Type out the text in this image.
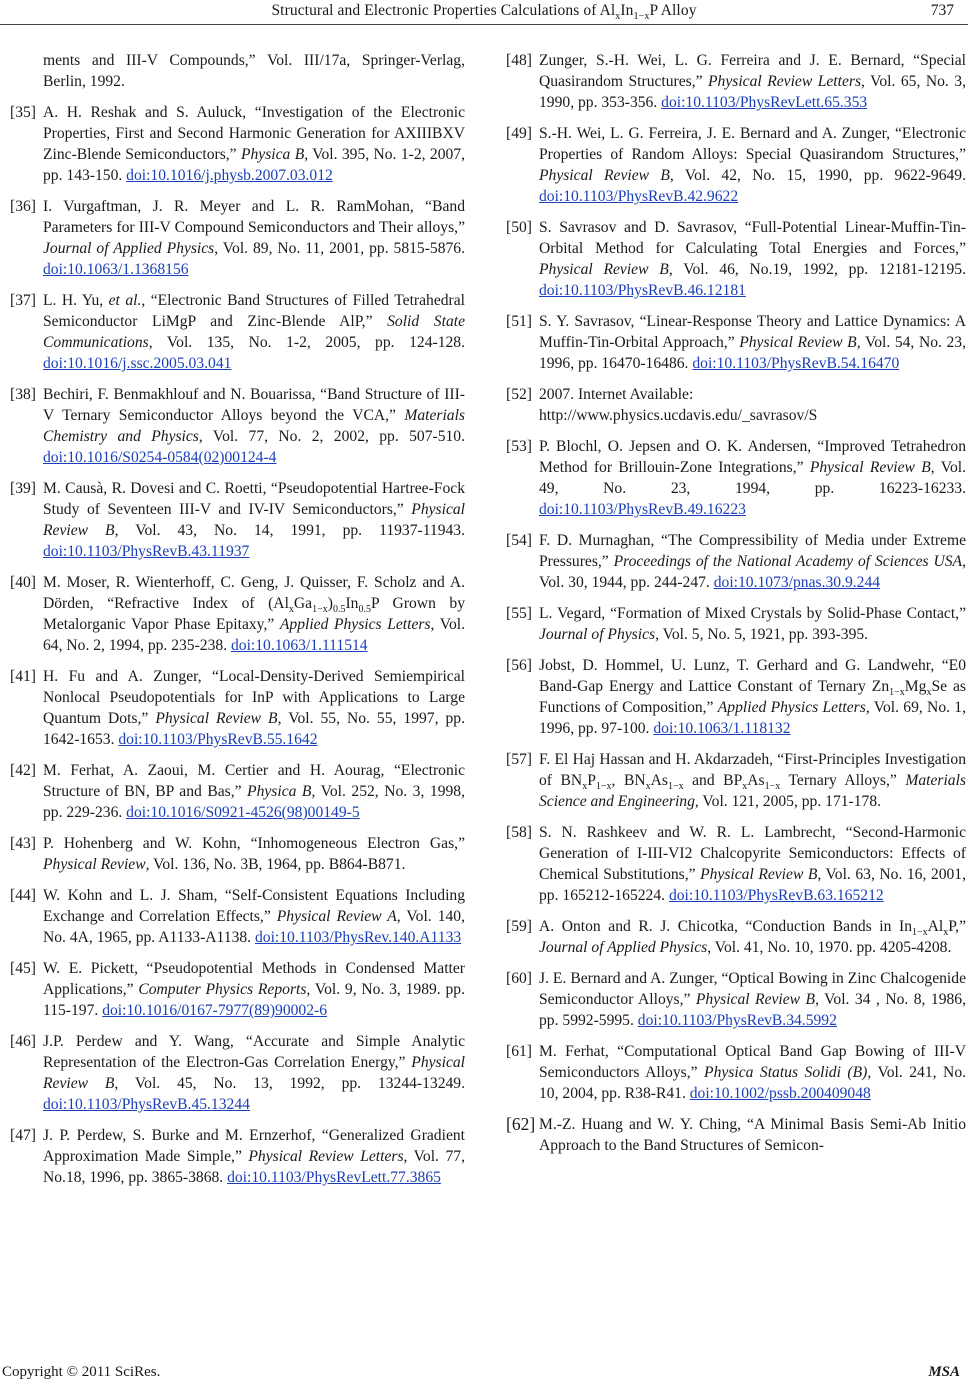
Structural and Electronic Properties Calculations of $Al_xIn_{1-x}P$ Alloy	737
ments and III-V Compounds,” Vol. III/17a, Springer-Verlag, Berlin, 1992.
[35] A. H. Reshak and S. Auluck, “Investigation of the Electronic Properties, First and Second Harmonic Generation for AXIIIBXV Zinc-Blende Semiconductors,” Physica B, Vol. 395, No. 1-2, 2007, pp. 143-150. doi:10.1016/j.physb.2007.03.012
[36] I. Vurgaftman, J. R. Meyer and L. R. RamMohan, “Band Parameters for III-V Compound Semiconductors and Their alloys,” Journal of Applied Physics, Vol. 89, No. 11, 2001, pp. 5815-5876. doi:10.1063/1.1368156
[37] L. H. Yu, et al., “Electronic Band Structures of Filled Tetrahedral Semiconductor LiMgP and Zinc-Blende AlP,” Solid State Communications, Vol. 135, No. 1-2, 2005, pp. 124-128. doi:10.1016/j.ssc.2005.03.041
[38] Bechiri, F. Benmakhlouf and N. Bouarissa, “Band Structure of III-V Ternary Semiconductor Alloys beyond the VCA,” Materials Chemistry and Physics, Vol. 77, No. 2, 2002, pp. 507-510. doi:10.1016/S0254-0584(02)00124-4
[39] M. Causà, R. Dovesi and C. Roetti, “Pseudopotential Hartree-Fock Study of Seventeen III-V and IV-IV Semiconductors,” Physical Review B, Vol. 43, No. 14, 1991, pp. 11937-11943. doi:10.1103/PhysRevB.43.11937
[40] M. Moser, R. Wienterhoff, C. Geng, J. Quisser, F. Scholz and A. Dörden, “Refractive Index of $(Al_xGa_{1-x})_{0.5}In_{0.5}P$ Grown by Metalorganic Vapor Phase Epitaxy,” Applied Physics Letters, Vol. 64, No. 2, 1994, pp. 235-238. doi:10.1063/1.111514
[41] H. Fu and A. Zunger, “Local-Density-Derived Semiempirical Nonlocal Pseudopotentials for InP with Applications to Large Quantum Dots,” Physical Review B, Vol. 55, No. 55, 1997, pp. 1642-1653. doi:10.1103/PhysRevB.55.1642
[42] M. Ferhat, A. Zaoui, M. Certier and H. Aourag, “Electronic Structure of BN, BP and Bas,” Physica B, Vol. 252, No. 3, 1998, pp. 229-236. doi:10.1016/S0921-4526(98)00149-5
[43] P. Hohenberg and W. Kohn, “Inhomogeneous Electron Gas,” Physical Review, Vol. 136, No. 3B, 1964, pp. B864-B871.
[44] W. Kohn and L. J. Sham, “Self-Consistent Equations Including Exchange and Correlation Effects,” Physical Review A, Vol. 140, No. 4A, 1965, pp. A1133-A1138. doi:10.1103/PhysRev.140.A1133
[45] W. E. Pickett, “Pseudopotential Methods in Condensed Matter Applications,” Computer Physics Reports, Vol. 9, No. 3, 1989. pp. 115-197. doi:10.1016/0167-7977(89)90002-6
[46] J.P. Perdew and Y. Wang, “Accurate and Simple Analytic Representation of the Electron-Gas Correlation Energy,” Physical Review B, Vol. 45, No. 13, 1992, pp. 13244-13249. doi:10.1103/PhysRevB.45.13244
[47] J. P. Perdew, S. Burke and M. Ernzerhof, “Generalized Gradient Approximation Made Simple,” Physical Review Letters, Vol. 77, No.18, 1996, pp. 3865-3868. doi:10.1103/PhysRevLett.77.3865
[48] Zunger, S.-H. Wei, L. G. Ferreira and J. E. Bernard, “Special Quasirandom Structures,” Physical Review Letters, Vol. 65, No. 3, 1990, pp. 353-356. doi:10.1103/PhysRevLett.65.353
[49] S.-H. Wei, L. G. Ferreira, J. E. Bernard and A. Zunger, “Electronic Properties of Random Alloys: Special Quasirandom Structures,” Physical Review B, Vol. 42, No. 15, 1990, pp. 9622-9649. doi:10.1103/PhysRevB.42.9622
[50] S. Savrasov and D. Savrasov, “Full-Potential Linear-Muffin-Tin-Orbital Method for Calculating Total Energies and Forces,” Physical Review B, Vol. 46, No.19, 1992, pp. 12181-12195. doi:10.1103/PhysRevB.46.12181
[51] S. Y. Savrasov, “Linear-Response Theory and Lattice Dynamics: A Muffin-Tin-Orbital Approach,” Physical Review B, Vol. 54, No. 23, 1996, pp. 16470-16486. doi:10.1103/PhysRevB.54.16470
[52] 2007. Internet Available:
http://www.physics.ucdavis.edu/_savrasov/S
[53] P. Blochl, O. Jepsen and O. K. Andersen, “Improved Tetrahedron Method for Brillouin-Zone Integrations,” Physical Review B, Vol. 49, No. 23, 1994, pp. 16223-16233. doi:10.1103/PhysRevB.49.16223
[54] F. D. Murnaghan, “The Compressibility of Media under Extreme Pressures,” Proceedings of the National Academy of Sciences USA, Vol. 30, 1944, pp. 244-247. doi:10.1073/pnas.30.9.244
[55] L. Vegard, “Formation of Mixed Crystals by Solid-Phase Contact,” Journal of Physics, Vol. 5, No. 5, 1921, pp. 393-395.
[56] Jobst, D. Hommel, U. Lunz, T. Gerhard and G. Landwehr, “E0 Band-Gap Energy and Lattice Constant of Ternary $Zn_{1-x}Mg_xSe$ as Functions of Composition,” Applied Physics Letters, Vol. 69, No. 1, 1996, pp. 97-100. doi:10.1063/1.118132
[57] F. El Haj Hassan and H. Akdarzadeh, “First-Principles Investigation of $BN_xP_{1-x}$, $BN_xAs_{1-x}$ and $BP_xAs_{1-x}$ Ternary Alloys,” Materials Science and Engineering, Vol. 121, 2005, pp. 171-178.
[58] S. N. Rashkeev and W. R. L. Lambrecht, “Second-Harmonic Generation of I-III-VI2 Chalcopyrite Semiconductors: Effects of Chemical Substitutions,” Physical Review B, Vol. 63, No. 16, 2001, pp. 165212-165224. doi:10.1103/PhysRevB.63.165212
[59] A. Onton and R. J. Chicotka, “Conduction Bands in $In_{1-x}Al_xP$,” Journal of Applied Physics, Vol. 41, No. 10, 1970. pp. 4205-4208.
[60] J. E. Bernard and A. Zunger, “Optical Bowing in Zinc Chalcogenide Semiconductor Alloys,” Physical Review B, Vol. 34 , No. 8, 1986, pp. 5992-5995. doi:10.1103/PhysRevB.34.5992
[61] M. Ferhat, “Computational Optical Band Gap Bowing of III-V Semiconductors Alloys,” Physica Status Solidi (B), Vol. 241, No. 10, 2004, pp. R38-R41. doi:10.1002/pssb.200409048
[62] M.-Z. Huang and W. Y. Ching, “A Minimal Basis Semi-Ab Initio Approach to the Band Structures of Semicon-
Copyright © 2011 SciRes.	MSA
